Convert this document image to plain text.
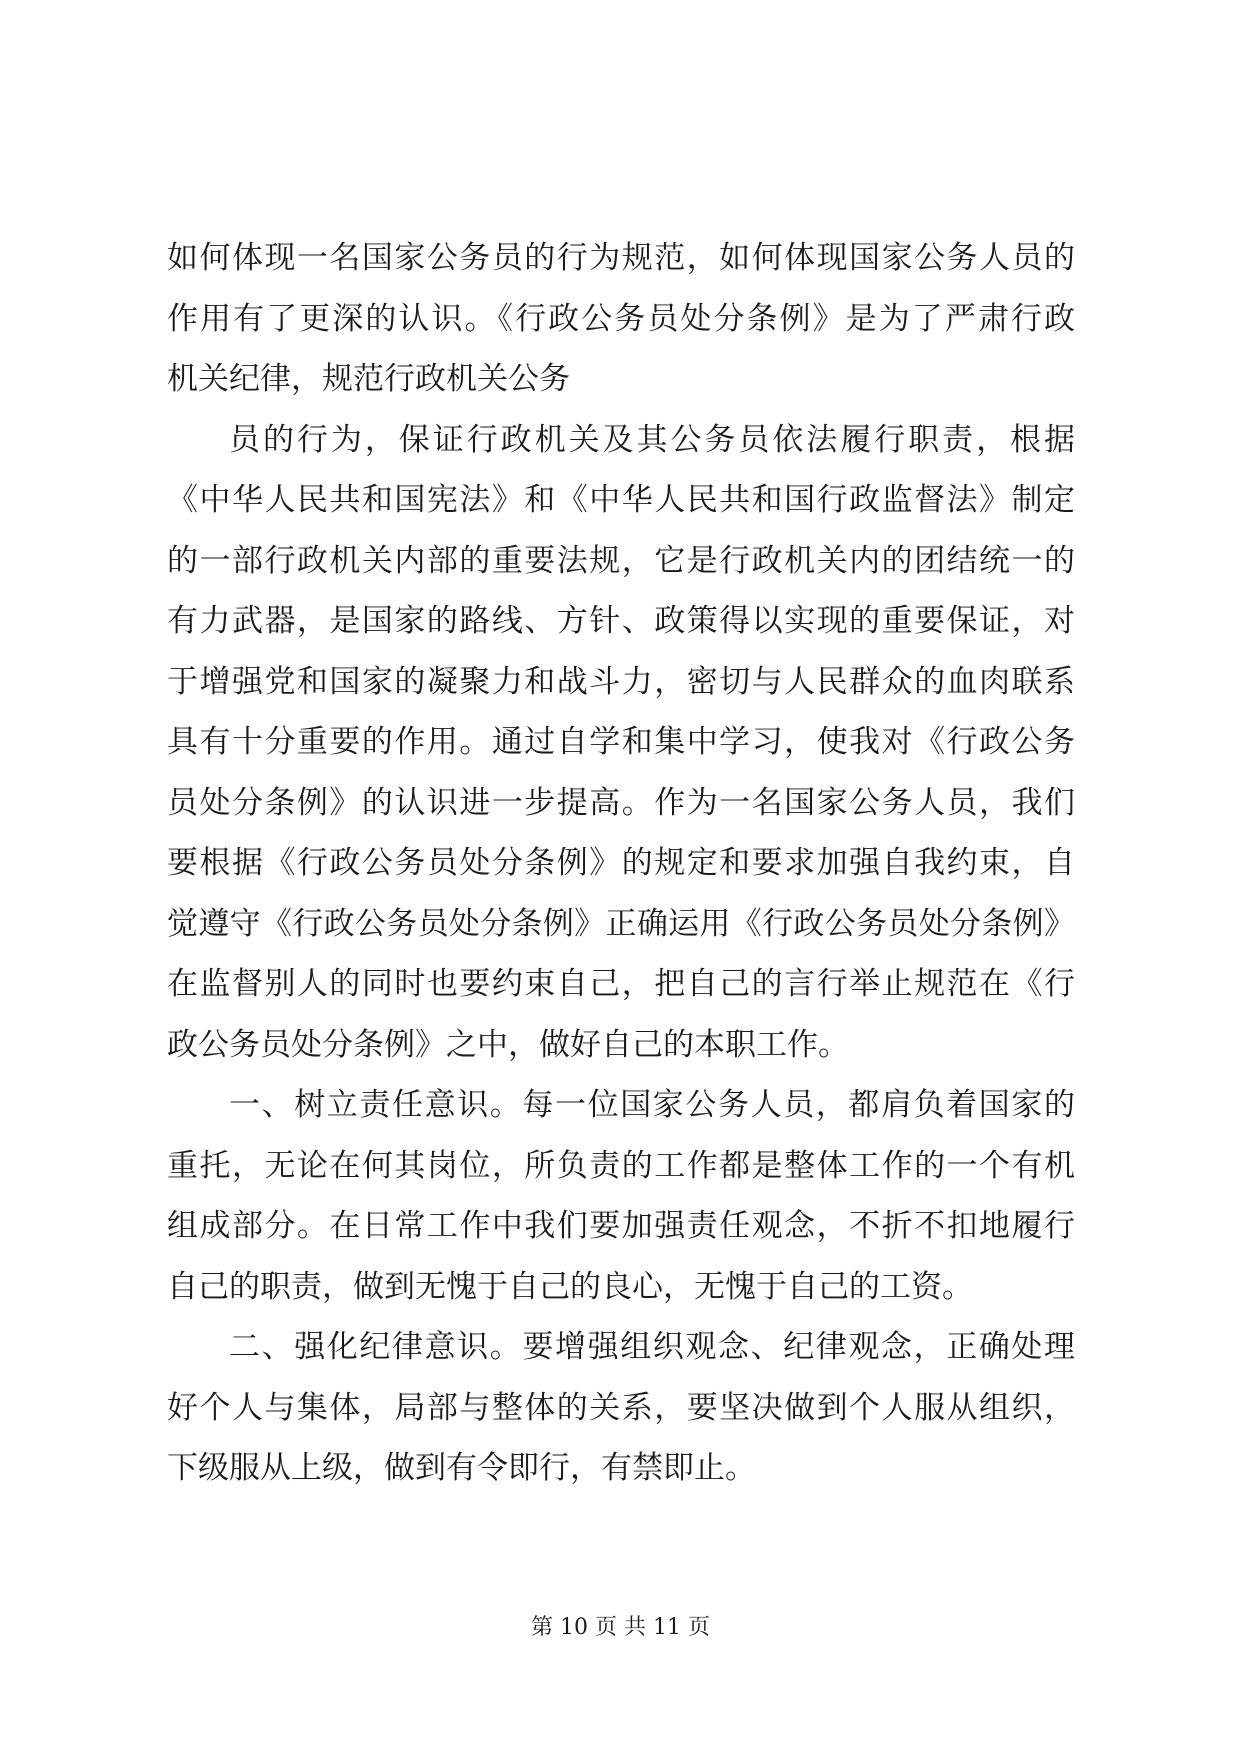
如何体现一名国家公务员的行为规范，如何体现国家公务人员的
作用有了更深的认识。《行政公务员处分条例》是为了严肃行政
机关纪律，规范行政机关公务
员的行为，保证行政机关及其公务员依法履行职责，根据
《中华人民共和国宪法》和《中华人民共和国行政监督法》制定
的一部行政机关内部的重要法规，它是行政机关内的团结统一的
有力武器，是国家的路线、方针、政策得以实现的重要保证，对
于增强党和国家的凝聚力和战斗力，密切与人民群众的血肉联系
具有十分重要的作用。通过自学和集中学习，使我对《行政公务
员处分条例》的认识进一步提高。作为一名国家公务人员，我们
要根据《行政公务员处分条例》的规定和要求加强自我约束，自
觉遵守《行政公务员处分条例》正确运用《行政公务员处分条例》
在监督别人的同时也要约束自己，把自己的言行举止规范在《行
政公务员处分条例》之中，做好自己的本职工作。
一、树立责任意识。每一位国家公务人员，都肩负着国家的
重托，无论在何其岗位，所负责的工作都是整体工作的一个有机
组成部分。在日常工作中我们要加强责任观念，不折不扣地履行
自己的职责，做到无愧于自己的良心，无愧于自己的工资。
二、强化纪律意识。要增强组织观念、纪律观念，正确处理
好个人与集体，局部与整体的关系，要坚决做到个人服从组织，
下级服从上级，做到有令即行，有禁即止。
第 10 页 共 11 页
